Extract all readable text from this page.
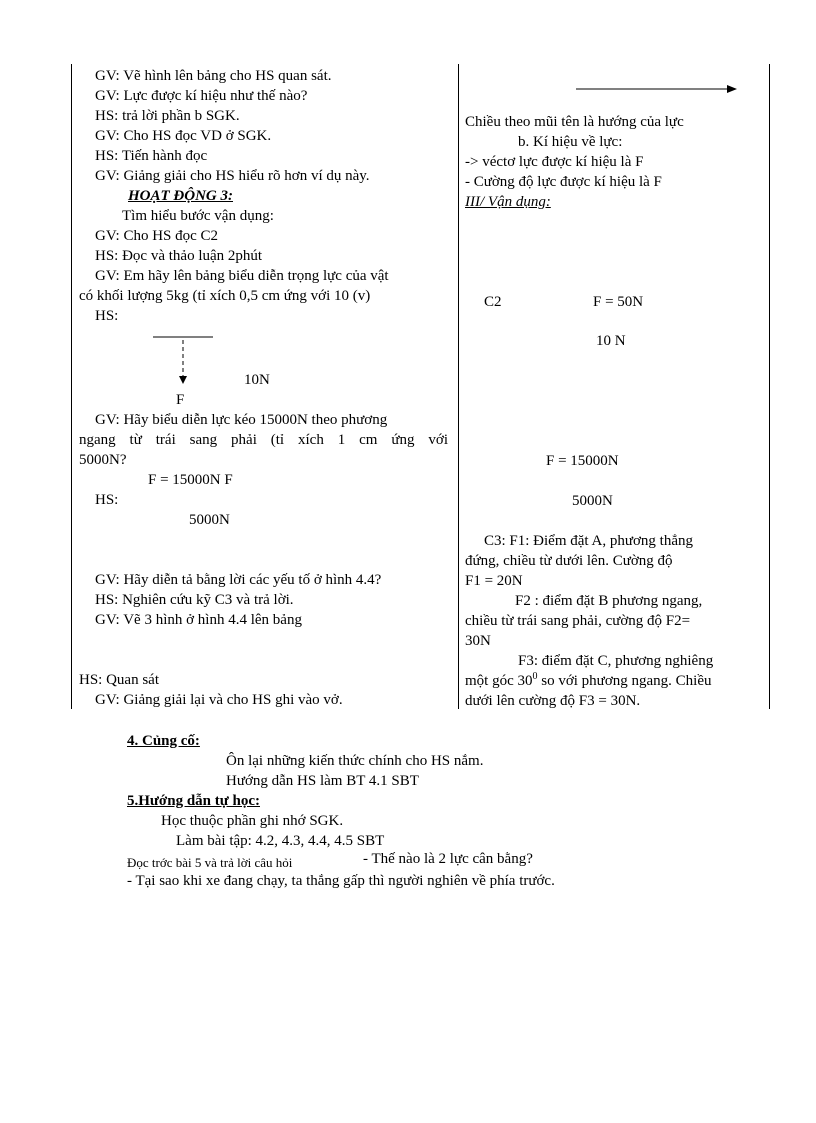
GV: Vẽ hình lên bảng cho HS quan sát.
GV: Lực được kí hiệu như thế nào?
HS: trả lời phần b SGK.
GV: Cho HS đọc VD ở SGK.
HS: Tiến hành đọc
GV: Giảng giải cho HS hiểu rõ hơn ví dụ này.
HOẠT ĐỘNG 3:
Tìm hiểu bước vận dụng:
GV: Cho HS đọc C2
HS: Đọc và thảo luận 2phút
GV: Em hãy lên bảng biểu diễn trọng lực của vật
có khối lượng 5kg (tỉ xích 0,5 cm ứng với 10 (v)
HS:
10N
F
GV: Hãy biểu diễn lực kéo 15000N theo phương
ngang từ trái sang phải (tỉ xích 1 cm ứng với
5000N?
F = 15000N F
HS:
5000N
GV: Hãy diễn tả bằng lời các yếu tố ở hình 4.4?
HS: Nghiên cứu kỹ C3 và trả lời.
GV: Vẽ 3 hình ở hình 4.4 lên bảng
HS: Quan sát
GV: Giảng giải lại và cho HS ghi vào vở.
Chiều theo mũi tên là hướng của lực
b. Kí hiệu về lực:
-> véctơ lực được kí hiệu là F
- Cường độ lực được kí hiệu là F
III/ Vận dụng:
C2	F = 50N
10 N
F = 15000N
5000N
C3: F1: Điểm đặt A, phương thẳng
đứng, chiều từ dưới lên. Cường độ
F1 = 20N
F2 : điểm đặt B phương ngang,
chiều từ trái sang phải, cường độ F2=
30N
F3: điểm đặt C, phương nghiêng
một góc $30^0$ so với phương ngang. Chiều
dưới lên cường độ F3 = 30N.
4. Củng cố:
Ôn lại những kiến thức chính cho HS nắm.
Hướng dẫn HS làm BT 4.1 SBT
5.Hướng dẫn tự học:
Học thuộc phần ghi nhớ SGK.
Làm bài tập: 4.2, 4.3, 4.4, 4.5 SBT
Đọc trớc bài 5 và trả lời câu hỏi	- Thế nào là 2 lực cân bằng?
- Tại sao khi xe đang chạy, ta thắng gấp thì người nghiên về phía trước.
